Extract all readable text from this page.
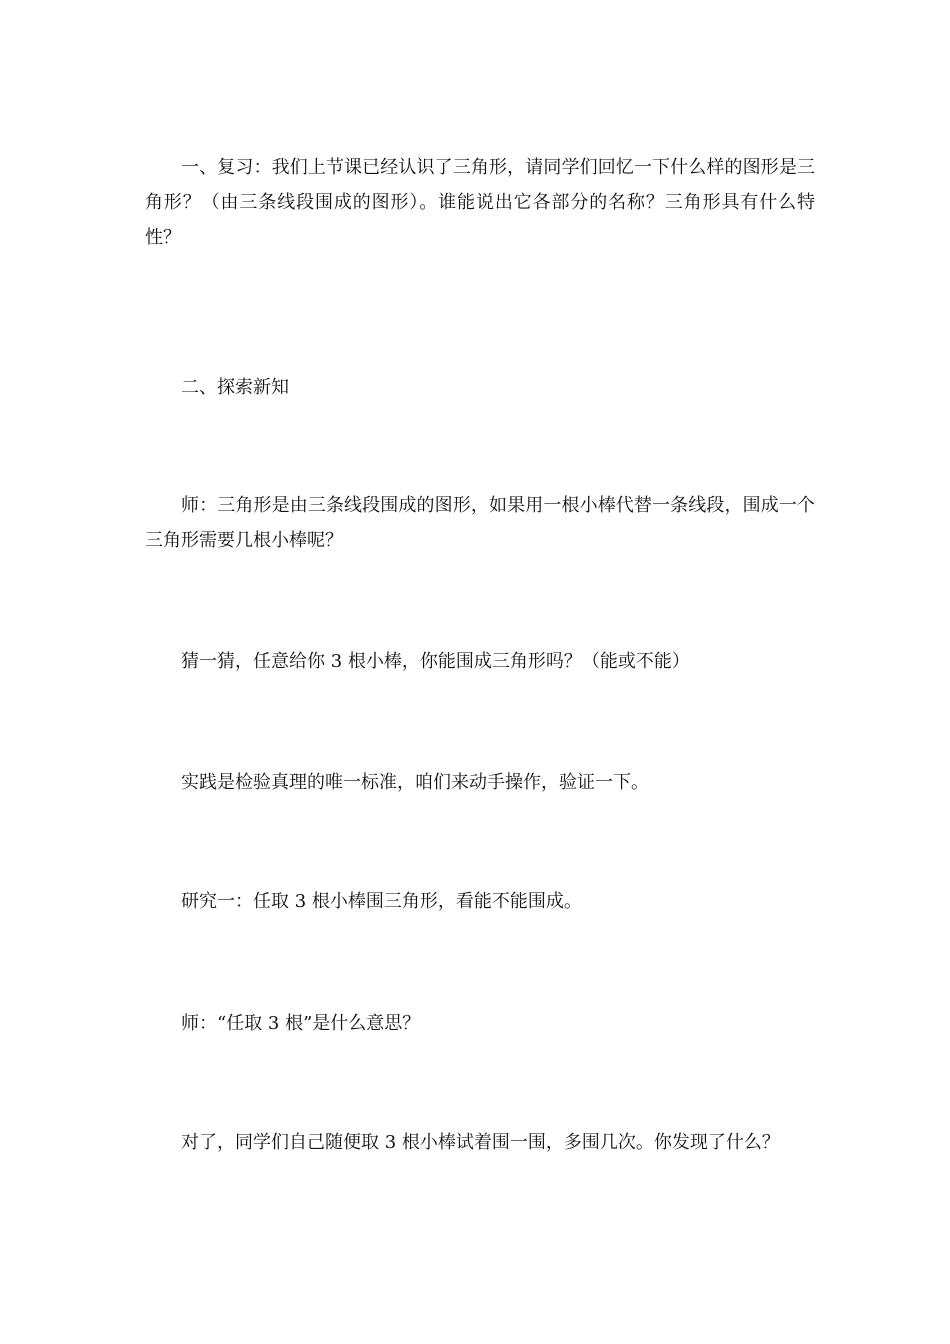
一、复习：我们上节课已经认识了三角形，请同学们回忆一下什么样的图形是三角形？（由三条线段围成的图形）。谁能说出它各部分的名称？三角形具有什么特性？

二、探索新知

师：三角形是由三条线段围成的图形，如果用一根小棒代替一条线段，围成一个三角形需要几根小棒呢？

猜一猜，任意给你 3 根小棒，你能围成三角形吗？（能或不能）

实践是检验真理的唯一标准，咱们来动手操作，验证一下。

研究一：任取 3 根小棒围三角形，看能不能围成。

师：“任取 3 根”是什么意思？

对了，同学们自己随便取 3 根小棒试着围一围，多围几次。你发现了什么？
